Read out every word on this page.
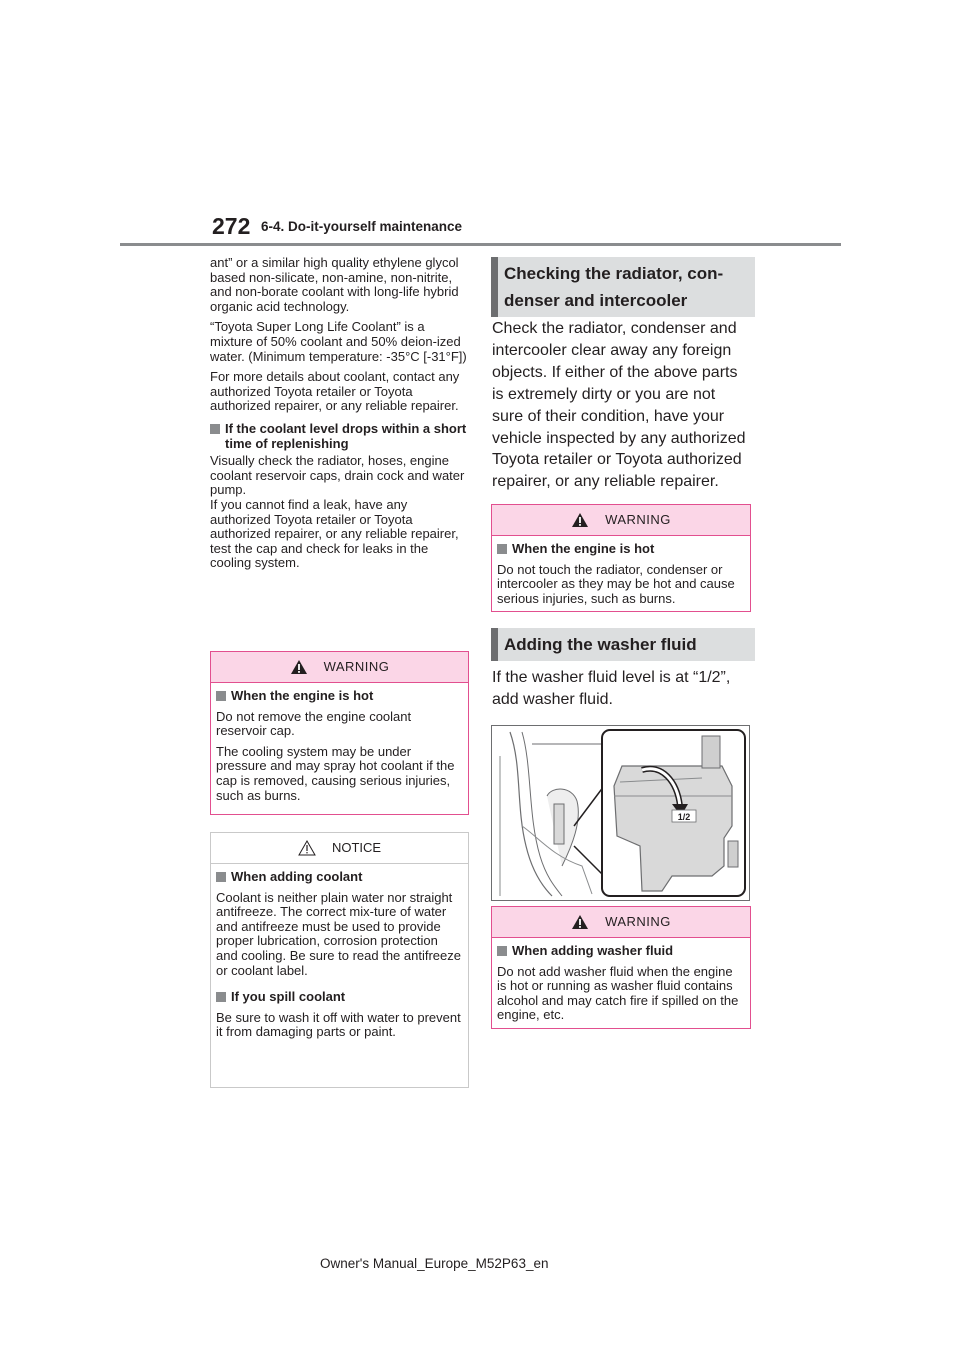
272 6-4. Do-it-yourself maintenance

ant” or a similar high quality ethylene glycol based non-silicate, non-amine, non-nitrite, and non-borate coolant with long-life hybrid organic acid technology.

“Toyota Super Long Life Coolant” is a mixture of 50% coolant and 50% deion-ized water. (Minimum temperature: -35°C [-31°F])

For more details about coolant, contact any authorized Toyota retailer or Toyota authorized repairer, or any reliable repairer.

If the coolant level drops within a short time of replenishing

Visually check the radiator, hoses, engine coolant reservoir caps, drain cock and water pump.
If you cannot find a leak, have any authorized Toyota retailer or Toyota authorized repairer, or any reliable repairer, test the cap and check for leaks in the cooling system.

WARNING
When the engine is hot

Do not remove the engine coolant reservoir cap.

The cooling system may be under pressure and may spray hot coolant if the cap is removed, causing serious injuries, such as burns.

NOTICE
When adding coolant

Coolant is neither plain water nor straight antifreeze. The correct mix-ture of water and antifreeze must be used to provide proper lubrication, corrosion protection and cooling. Be sure to read the antifreeze or coolant label.

If you spill coolant

Be sure to wash it off with water to prevent it from damaging parts or paint.

Checking the radiator, con-denser and intercooler
Check the radiator, condenser and intercooler clear away any foreign objects. If either of the above parts is extremely dirty or you are not sure of their condition, have your vehicle inspected by any authorized Toyota retailer or Toyota authorized repairer, or any reliable repairer.
WARNING
When the engine is hot

Do not touch the radiator, condenser or intercooler as they may be hot and cause serious injuries, such as burns.

Adding the washer fluid
If the washer fluid level is at “1/2”, add washer fluid.
1/2
WARNING
When adding washer fluid

Do not add washer fluid when the engine is hot or running as washer fluid contains alcohol and may catch fire if spilled on the engine, etc.

Owner's Manual_Europe_M52P63_en
